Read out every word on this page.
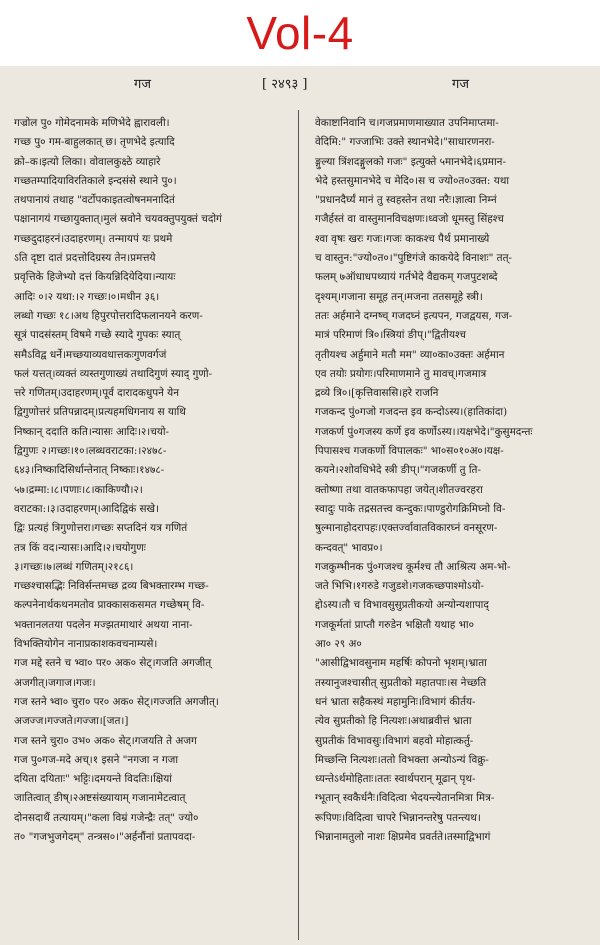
Vol-4
गज	[ २४९३ ]	गज

गज्रोल पु० गोमेदनामके मणिभेदे ह्वारावली।

गच्छ पु० गम-बाहुलकात् छ। तृणभेदे इत्यादि

क्रो–क।इत्यो लिका। वोवालकुक्ष्ठे व्याहारे

गच्छतम्पादियाविरतिकाले इन्दसंसे स्थाने पु०।

तथपानायं तथाह "वर्टोपकाइतत्वोषनमनादितं

पक्षानागयं गच्छायुक्तात्।मुलं स्रवोने चयवक्तुपयुक्तं चदोगं

गच्छदुदाहरनं।उदाहरणम्। तन्मायपं यः प्रथमे

ऽति दृष्टा दातं प्रदत्तोदिग्रस्य तेन।प्रमत्तये

प्रवृत्तिके हिजेभ्यो दत्तं कियन्निदियेदिया।न्यायः

आदिः ०।२ यथा:।२ गच्छः।०।मधीन ३६।

लब्धो गच्छः १८।अथ हिपुरपोत्तरादिफलानयने करण-

सूत्रं पादसंस्तम् विषमे गच्छे स्यादे गुपकः स्यात्

समैऽविद्व धर्ने।मच्छयाव्यवधात्तकःगुणवर्गजं

फलं यत्तत्।व्यक्तं व्यस्तगुणाख्यं तथादिगुणं स्याद् गुणो-

त्तरे गणितम्।उदाहरणम्।पूर्व दारादकधुपने येन

द्विगुणोत्तरं प्रतिपन्नादम्।प्रत्यहमधिगनाय स याथि

निष्कान् ददाति कति।न्यासः आदिः।२।चयो-

द्विगुणः २।गच्छः।१०।लब्धवराटका:।२४७८-

६४३।निष्कादिसिर्धान्तेनात् निष्काः।१४७८-

५७।द्रम्मा:।८।पणाः।८।काकिण्यौ।२।

वराटका:।३।उदाहरणम्।आदिद्विकं सखे।

द्विः प्रत्यहं त्रिगुणोत्तरा।गच्छः सप्तदिनं यत्र गणितं

तत्र किं वद।न्यासः।आदि।२।चयोगुणः

३।गच्छः।७।लब्धं गणितम्।२१८६।

गच्छश्चासद्भिः निविर्सन्तमच्छ द्रव्य बिभक्तारम्भ गच्छ-

कल्पनेनार्थकथनमतोव प्राक्कासकसमत गच्छेषम् वि-

भक्तानलतया पदलेन मज्झतमाथारं अथया नाना-

विभक्तियोगेन नानाप्रकाशकवचनाम्यसे।

गज मद्दे स्तने च भ्वा० पर० अक० सेट्।गजति अगजीत्

अजगीत्।जगाज।गजः।

गज स्तने भ्वा० चुरा० पर० अक० सेट्।गज्जति अगजीत्।

अजज्ज।गज्जते।गज्जा।[जत।]

गज स्तने चुरा० उभ० अक० सेट्।गजयति ते अजग

गज पु०गज-मदे अच्।१ इसने "नगजा न गजा

दयिता दयिताः" भट्टिः।दमयन्ते विदतिः।क्षियां

जातित्वात् ङीष्।२अष्टसंख्यायाम् गजानामेटत्वात्

दोनसदाथैं तत्यायम्।"कला विम्रं गजेन्द्रैः तत्" ज्यो०

त० "गजभुजगेदम्" तन्त्रस०।"अर्हनौंनां प्रतापवदा-

वेकाष्टानिवानि च।गजप्रमाणमाख्यात उपनिमाप्तमा-

वेदिमि:" गज्जाभिः उक्ते स्थानभेदे।"साधारणनरा-

ङ्गुल्या त्रिंशदङ्गुलको गजः" इत्युक्ते ५मानभेदे।६प्रमान-

भेदे हस्तसुमानभेदे च मेदि०।स च ज्यो०त०उक्त: यथा

"प्रधानदैर्घ्यं मानं तु स्वहस्तेन तथा नरैः।ज्ञात्वा निम्नं

गजैर्हस्तं वा वास्तुमानविचक्षणः।ध्वजो धूमस्तु सिंहश्च

श्वा वृषः खरः गजः।गजः काकश्च पैर्थ प्रमानाख्ये

च वास्तुन:"ज्यो०त०।"पुष्टिगंजे काकयेदे विनाशः" तत्-

फलम् ७ऑधाधपथ्यायं गर्तभेदे वैद्यकम् गजपुटशब्दे

दृश्यम्।गजाना समूह तन्।मजना ततसमूहे स्त्री।

ततः अर्हमाने दग्नष्च् गजदघ्नं इत्यपन, गजद्वयस, गज-

मात्रं परिमाणं त्रि०।स्त्रियां ङीप्।"द्वितीयश्च

तृतीयश्च अर्हुमाने मतौ मम" व्या०का०उक्तः अर्हमान

एव तयोः प्रयोगः।परिमाणमाने तु मावच्।गजमात्र

द्रव्ये त्रि०।[कृत्तिवाससि।हरे राजनि

गजकन्द पुं०गजो गजदन्त इव कन्दोऽस्य।(हातिकांदा)

गजकर्ण पुं०गजस्य कर्णे इव कर्णोऽस्य।।यक्षभेदे।"कुसुमदन्तः

पिपासश्च गजकर्णो विपालकः" भा०स०१०अ०।यक्ष-

कयने।२शोवधिभेदे स्त्री ङीप्।"गजकर्णी तु ति-

क्तोष्णा तथा वातकफापहा जयेत्।शीतज्वरहरा

स्वादुः पाके तद्रसतत्त्व कन्दुकः।पाण्डुरोगक्रिमिघ्नो वि-

षुल्मानाहोदरापहः।एक्तर्ज्वावातविकारघ्नं वनसूरण-

कन्दवत्" भावप्र०।

गजकुम्भीनक पुं०गजश्च कूर्मश्च तौ आश्रित्य अम-भो-

जते भिभि।१गरुडे गजुडशे।गजकच्छपाश्मोऽयो-

द्दोऽस्य।तौ च विभावसुसुप्रतीकयो अन्योन्यशापाद्

गजकूर्मतां प्राप्तौ गरुडेन भक्षितौ यथाह भा०

आ० २९ अ०

"आसीद्विभावसुनाम महर्षिः कोपनो भृशम्।भ्राता

तस्यानुजश्चासीत् सुप्रतीको महातपाः।स नेच्छति

धनं भ्राता सहैकस्थं महामुनिः।विभागं कीर्तय-

त्येव सुप्रतीको हि नित्यशः।अथाब्रवीत्तं भ्राता

सुप्रतीकं विभावसुः।विभागं बहवो मोहात्कर्तु-

मिच्छन्ति नित्यशः।ततो विभक्ता अन्योऽन्यं विक्रु-

ध्यन्तेऽर्थमोहिताः।ततः स्वार्थपरान् मूढान् पृथ-

ग्भूतान् स्वकैर्धनैः।विदित्वा भेदयन्त्येतानमित्रा मित्र-

रूपिणः।विदित्वा चापरे भिन्नानन्तरेषु पतन्त्यथ।

भिन्नानामतुलो नाशः क्षिप्रमेव प्रवर्तते।तस्माद्विभागं
